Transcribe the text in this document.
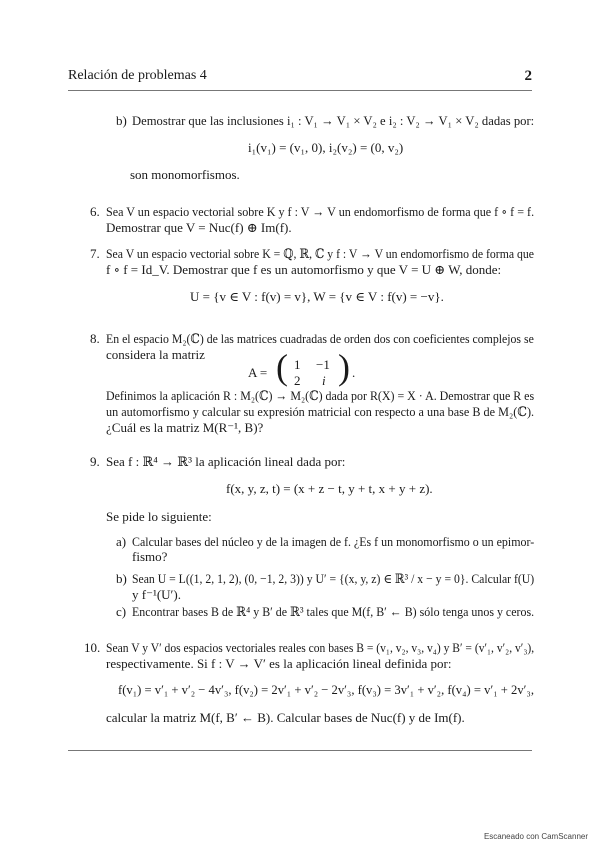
Relación de problemas 4	2
b) Demostrar que las inclusiones i₁ : V₁ → V₁ × V₂ e i₂ : V₂ → V₁ × V₂ dadas por:
i₁(v₁) = (v₁, 0), i₂(v₂) = (0, v₂)
son monomorfismos.
6. Sea V un espacio vectorial sobre K y f : V → V un endomorfismo de forma que f ∘ f = f.
Demostrar que V = Nuc(f) ⊕ Im(f).
7. Sea V un espacio vectorial sobre K = ℚ, ℝ, ℂ y f : V → V un endomorfismo de forma que
f ∘ f = Id_V. Demostrar que f es un automorfismo y que V = U ⊕ W, donde:
U = {v ∈ V : f(v) = v}, W = {v ∈ V : f(v) = −v}.
8. En el espacio M₂(ℂ) de las matrices cuadradas de orden dos con coeficientes complejos se
considera la matriz
A = ( 1 −1
2 i ) .
Definimos la aplicación R : M₂(ℂ) → M₂(ℂ) dada por R(X) = X · A. Demostrar que R es
un automorfismo y calcular su expresión matricial con respecto a una base B de M₂(ℂ).
¿Cuál es la matriz M(R⁻¹, B)?
9. Sea f : ℝ⁴ → ℝ³ la aplicación lineal dada por:
f(x, y, z, t) = (x + z − t, y + t, x + y + z).
Se pide lo siguiente:
a) Calcular bases del núcleo y de la imagen de f. ¿Es f un monomorfismo o un epimor-
fismo?
b) Sean U = L((1, 2, 1, 2), (0, −1, 2, 3)) y U′ = {(x, y, z) ∈ ℝ³ / x − y = 0}. Calcular f(U)
y f⁻¹(U′).
c) Encontrar bases B de ℝ⁴ y B′ de ℝ³ tales que M(f, B′ ← B) sólo tenga unos y ceros.
10. Sean V y V′ dos espacios vectoriales reales con bases B = (v₁, v₂, v₃, v₄) y B′ = (v′₁, v′₂, v′₃),
respectivamente. Si f : V → V′ es la aplicación lineal definida por:
f(v₁) = v′₁ + v′₂ − 4v′₃, f(v₂) = 2v′₁ + v′₂ − 2v′₃, f(v₃) = 3v′₁ + v′₂, f(v₄) = v′₁ + 2v′₃,
calcular la matriz M(f, B′ ← B). Calcular bases de Nuc(f) y de Im(f).
Escaneado con CamScanner
